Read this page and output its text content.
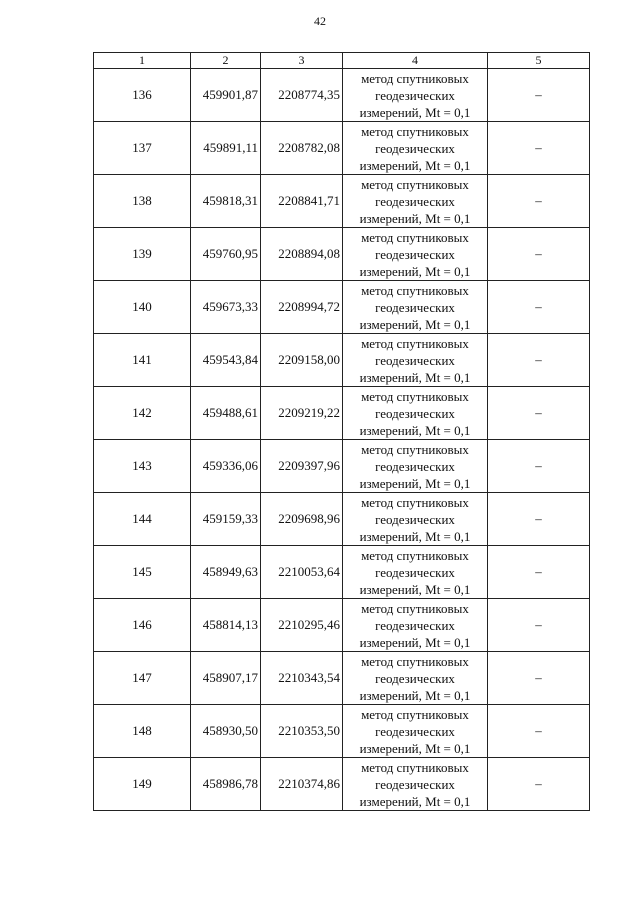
42
1	2	3	4	5
136	459901,87	2208774,35	метод спутниковых
геодезических
измерений, Mt = 0,1	–
137	459891,11	2208782,08	метод спутниковых
геодезических
измерений, Mt = 0,1	–
138	459818,31	2208841,71	метод спутниковых
геодезических
измерений, Mt = 0,1	–
139	459760,95	2208894,08	метод спутниковых
геодезических
измерений, Mt = 0,1	–
140	459673,33	2208994,72	метод спутниковых
геодезических
измерений, Mt = 0,1	–
141	459543,84	2209158,00	метод спутниковых
геодезических
измерений, Mt = 0,1	–
142	459488,61	2209219,22	метод спутниковых
геодезических
измерений, Mt = 0,1	–
143	459336,06	2209397,96	метод спутниковых
геодезических
измерений, Mt = 0,1	–
144	459159,33	2209698,96	метод спутниковых
геодезических
измерений, Mt = 0,1	–
145	458949,63	2210053,64	метод спутниковых
геодезических
измерений, Mt = 0,1	–
146	458814,13	2210295,46	метод спутниковых
геодезических
измерений, Mt = 0,1	–
147	458907,17	2210343,54	метод спутниковых
геодезических
измерений, Mt = 0,1	–
148	458930,50	2210353,50	метод спутниковых
геодезических
измерений, Mt = 0,1	–
149	458986,78	2210374,86	метод спутниковых
геодезических
измерений, Mt = 0,1	–
